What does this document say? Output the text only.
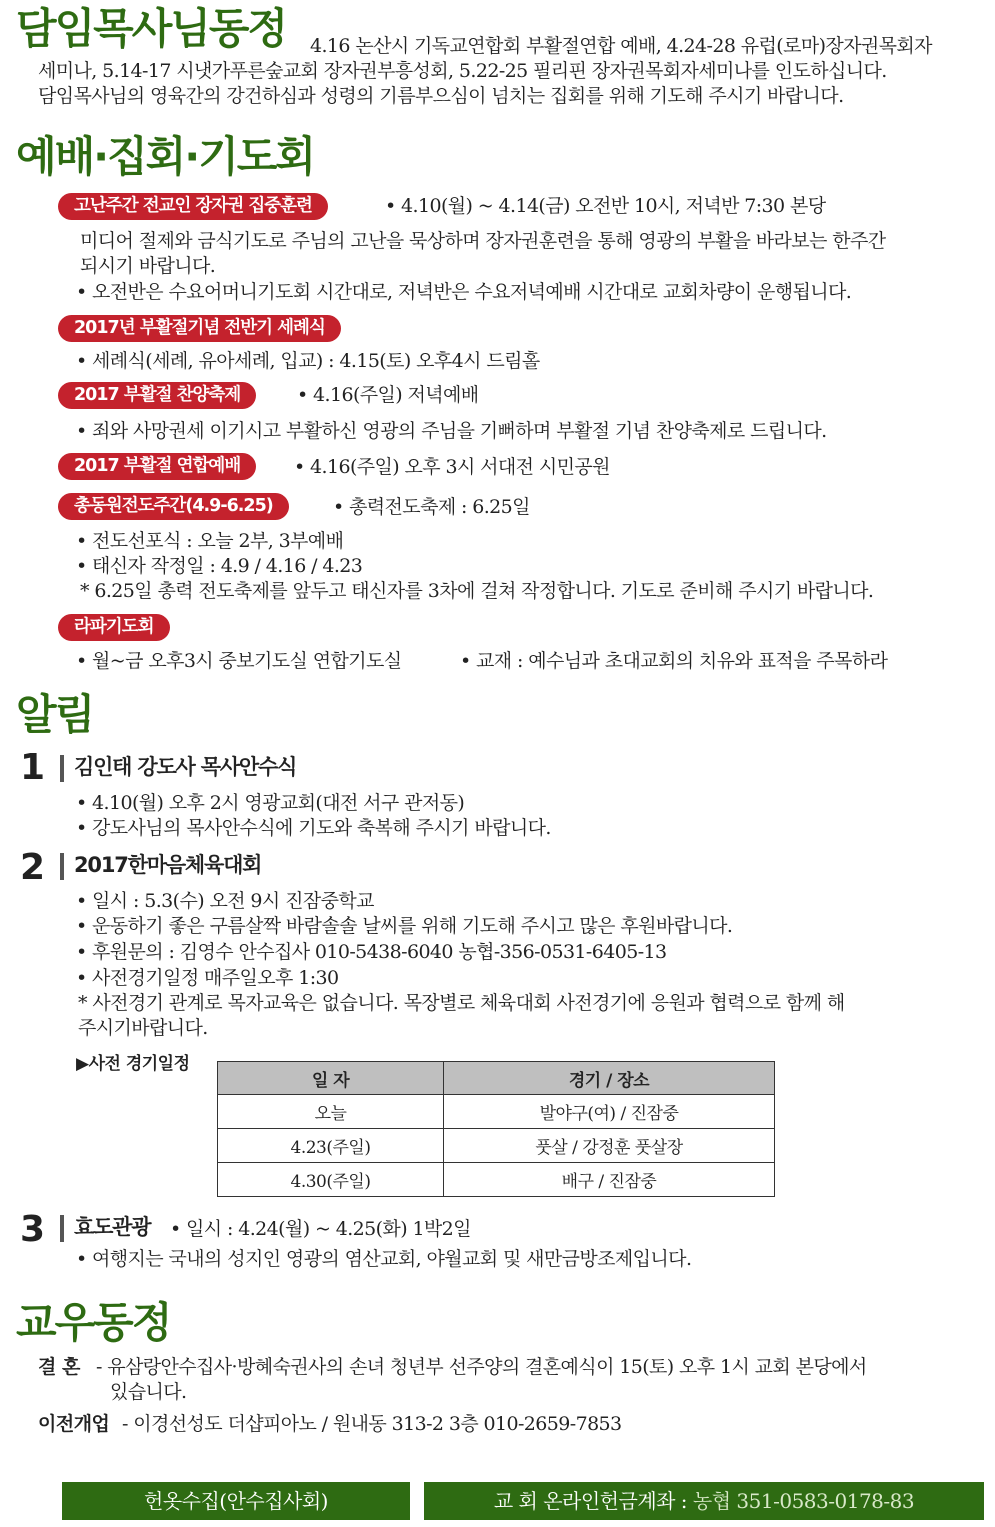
담임목사님동정 4.16 논산시 기독교연합회 부활절연합 예배, 4.24-28 유럽(로마)장자권목회자
세미나, 5.14-17 시냇가푸른숲교회 장자권부흥성회, 5.22-25 필리핀 장자권목회자세미나를 인도하십니다.
담임목사님의 영육간의 강건하심과 성령의 기름부으심이 넘치는 집회를 위해 기도해 주시기 바랍니다.
예배·집회·기도회
고난주간 전교인 장자권 집중훈련	• 4.10(월) ~ 4.14(금) 오전반 10시, 저녁반 7:30 본당
미디어 절제와 금식기도로 주님의 고난을 묵상하며 장자권훈련을 통해 영광의 부활을 바라보는 한주간
되시기 바랍니다.
• 오전반은 수요어머니기도회 시간대로, 저녁반은 수요저녁예배 시간대로 교회차량이 운행됩니다.
2017년 부활절기념 전반기 세례식
• 세례식(세례, 유아세례, 입교) : 4.15(토) 오후4시 드림홀
2017 부활절 찬양축제	• 4.16(주일) 저녁예배
• 죄와 사망권세 이기시고 부활하신 영광의 주님을 기뻐하며 부활절 기념 찬양축제로 드립니다.
2017 부활절 연합예배	• 4.16(주일) 오후 3시 서대전 시민공원
총동원전도주간(4.9-6.25)	• 총력전도축제 : 6.25일
• 전도선포식 : 오늘 2부, 3부예배
• 태신자 작정일 : 4.9 / 4.16 / 4.23
* 6.25일 총력 전도축제를 앞두고 태신자를 3차에 걸쳐 작정합니다. 기도로 준비해 주시기 바랍니다.
라파기도회
• 월~금 오후3시 중보기도실 연합기도실	• 교재 : 예수님과 초대교회의 치유와 표적을 주목하라
알림
1 김인태 강도사 목사안수식
• 4.10(월) 오후 2시 영광교회(대전 서구 관저동)
• 강도사님의 목사안수식에 기도와 축복해 주시기 바랍니다.
2 2017한마음체육대회
• 일시 : 5.3(수) 오전 9시 진잠중학교
• 운동하기 좋은 구름살짝 바람솔솔 날씨를 위해 기도해 주시고 많은 후원바랍니다.
• 후원문의 : 김영수 안수집사 010-5438-6040 농협-356-0531-6405-13
• 사전경기일정 매주일오후 1:30
* 사전경기 관계로 목자교육은 없습니다. 목장별로 체육대회 사전경기에 응원과 협력으로 함께 해
주시기바랍니다.
▶사전 경기일정
일 자	경기 / 장소
오늘	발야구(여) / 진잠중
4.23(주일)	풋살 / 강정훈 풋살장
4.30(주일)	배구 / 진잠중
3 효도관광 • 일시 : 4.24(월) ~ 4.25(화) 1박2일
• 여행지는 국내의 성지인 영광의 염산교회, 야월교회 및 새만금방조제입니다.
교우동정
결 혼 - 유삼랑안수집사·방혜숙권사의 손녀 청년부 선주양의 결혼예식이 15(토) 오후 1시 교회 본당에서
있습니다.
이전개업 - 이경선성도 더샵피아노 / 원내동 313-2 3층 010-2659-7853
헌옷수집(안수집사회)	교 회 온라인헌금계좌 : 농협 351-0583-0178-83
